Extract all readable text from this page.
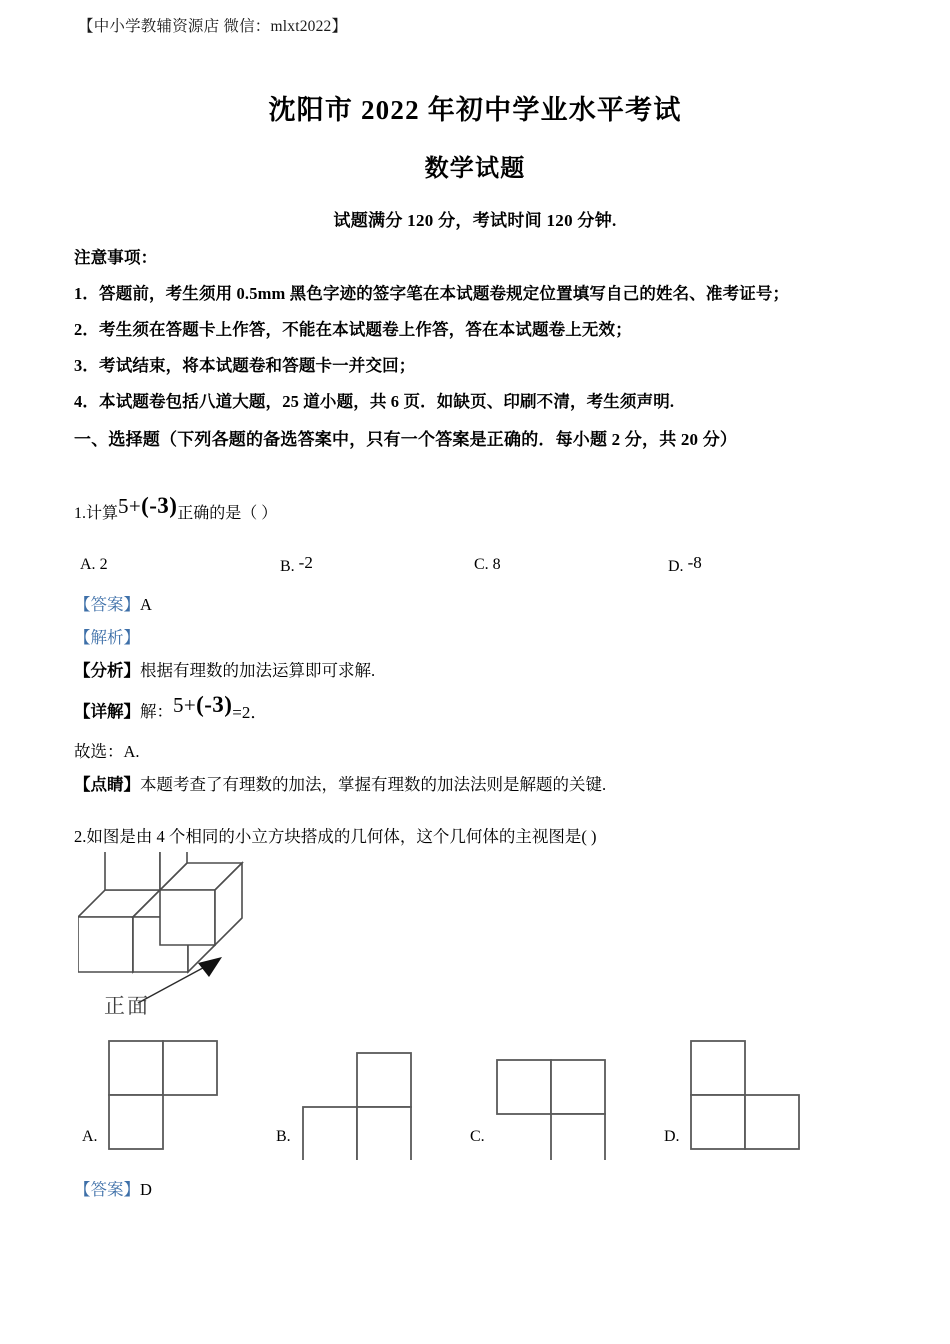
【中小学教辅资源店 微信：mlxt2022】
沈阳市 2022 年初中学业水平考试
数学试题
试题满分 120 分，考试时间 120 分钟.

注意事项：

1．答题前，考生须用 0.5mm 黑色字迹的签字笔在本试题卷规定位置填写自己的姓名、准考证号；

2．考生须在答题卡上作答，不能在本试题卷上作答，答在本试题卷上无效；

3．考试结束，将本试题卷和答题卡一并交回；

4．本试题卷包括八道大题，25 道小题，共 6 页．如缺页、印刷不清，考生须声明.

一、选择题（下列各题的备选答案中，只有一个答案是正确的．每小题 2 分，共 20 分）

1.计算5+(-3)正确的是（ ）
A. 2	B. -2	C. 8	D. -8

【答案】A

【解析】

【分析】根据有理数的加法运算即可求解.

【详解】解：5+(-3)=2．

故选：A.

【点睛】本题考查了有理数的加法，掌握有理数的加法法则是解题的关键.

2.如图是由 4 个相同的小立方块搭成的几何体，这个几何体的主视图是( )
正面
A.	B.	C.	D.
【答案】D
